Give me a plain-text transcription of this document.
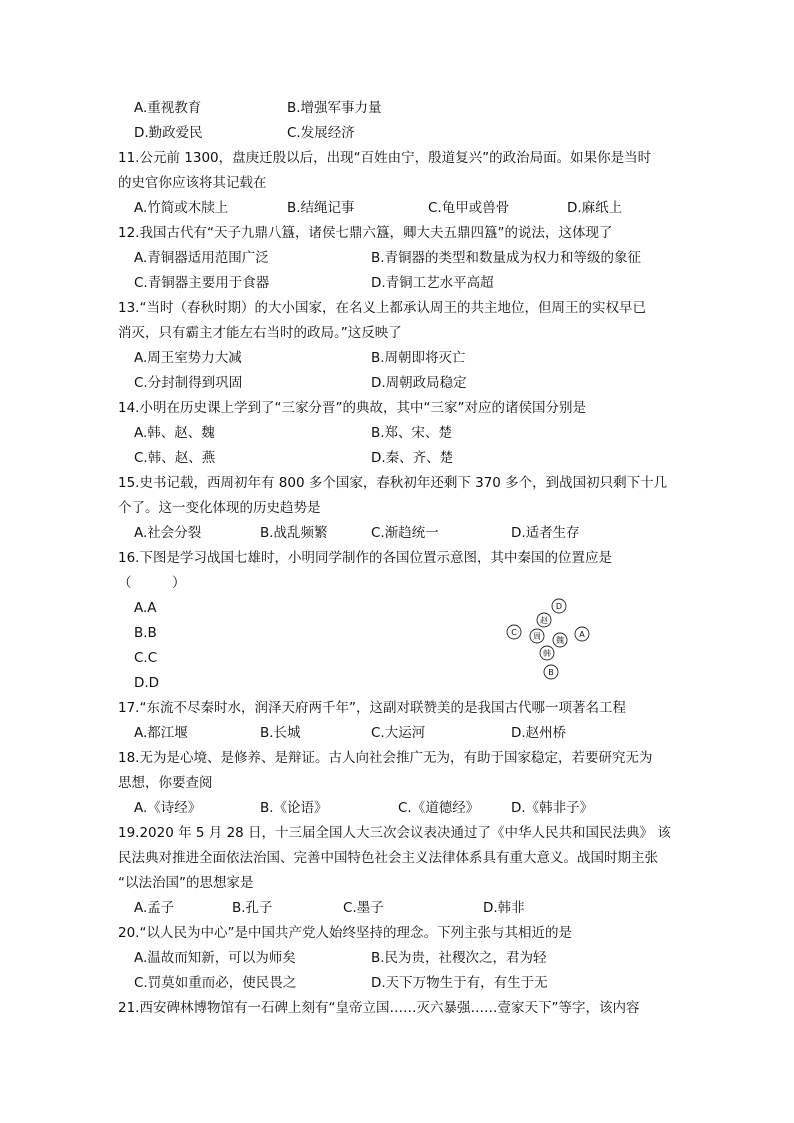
A.重视教育	B.增强军事力量
D.勤政爱民	C.发展经济
11.公元前 1300，盘庚迁殷以后，出现“百姓由宁，殷道复兴”的政治局面。如果你是当时
的史官你应该将其记载在
A.竹简或木牍上	B.结绳记事	C.龟甲或兽骨	D.麻纸上
12.我国古代有“天子九鼎八簋，诸侯七鼎六簋，卿大夫五鼎四簋”的说法，这体现了
A.青铜器适用范围广泛	B.青铜器的类型和数量成为权力和等级的象征
C.青铜器主要用于食器	D.青铜工艺水平高超
13.“当时（春秋时期）的大小国家，在名义上都承认周王的共主地位，但周王的实权早已
消灭，只有霸主才能左右当时的政局。”这反映了
A.周王室势力大减	B.周朝即将灭亡
C.分封制得到巩固	D.周朝政局稳定
14.小明在历史课上学到了“三家分晋”的典故，其中“三家”对应的诸侯国分别是
A.韩、赵、魏	B.郑、宋、楚
C.韩、赵、燕	D.秦、齐、楚
15.史书记载，西周初年有 800 多个国家，春秋初年还剩下 370 多个，到战国初只剩下十几
个了。这一变化体现的历史趋势是
A.社会分裂	B.战乱频繁	C.渐趋统一	D.适者生存
16.下图是学习战国七雄时，小明同学制作的各国位置示意图，其中秦国的位置应是
（　　　）
A.A
B.B
C.C
D.D
D
赵
C 周 魏
A
韩
B
17.“东流不尽秦时水，润泽天府两千年”，这副对联赞美的是我国古代哪一项著名工程
A.都江堰	B.长城	C.大运河	D.赵州桥
18.无为是心境、是修养、是辩证。古人向社会推广无为，有助于国家稳定，若要研究无为
思想，你要查阅
A.《诗经》	B.《论语》	C.《道德经》 D.《韩非子》
19.2020 年 5 月 28 日，十三届全国人大三次会议表决通过了《中华人民共和国民法典》 该
民法典对推进全面依法治国、完善中国特色社会主义法律体系具有重大意义。战国时期主张
“以法治国”的思想家是
A.孟子	B.孔子	C.墨子	D.韩非
20.“以人民为中心”是中国共产党人始终坚持的理念。下列主张与其相近的是
A.温故而知新，可以为师矣	B.民为贵，社稷次之，君为轻
C.罚莫如重而必，使民畏之	D.天下万物生于有，有生于无
21.西安碑林博物馆有一石碑上刻有“皇帝立国……灭六暴强……壹家天下”等字，该内容
